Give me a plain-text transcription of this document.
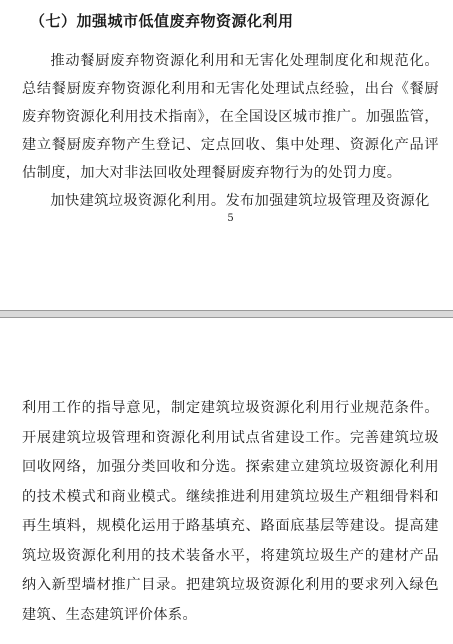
（七）加强城市低值废弃物资源化利用

推动餐厨废弃物资源化利用和无害化处理制度化和规范化。总结餐厨废弃物资源化利用和无害化处理试点经验，出台《餐厨废弃物资源化利用技术指南》，在全国设区城市推广。加强监管，建立餐厨废弃物产生登记、定点回收、集中处理、资源化产品评估制度，加大对非法回收处理餐厨废弃物行为的处罚力度。

加快建筑垃圾资源化利用。发布加强建筑垃圾管理及资源化

5

利用工作的指导意见，制定建筑垃圾资源化利用行业规范条件。开展建筑垃圾管理和资源化利用试点省建设工作。完善建筑垃圾回收网络，加强分类回收和分选。探索建立建筑垃圾资源化利用的技术模式和商业模式。继续推进利用建筑垃圾生产粗细骨料和再生填料，规模化运用于路基填充、路面底基层等建设。提高建筑垃圾资源化利用的技术装备水平，将建筑垃圾生产的建材产品纳入新型墙材推广目录。把建筑垃圾资源化利用的要求列入绿色建筑、生态建筑评价体系。
